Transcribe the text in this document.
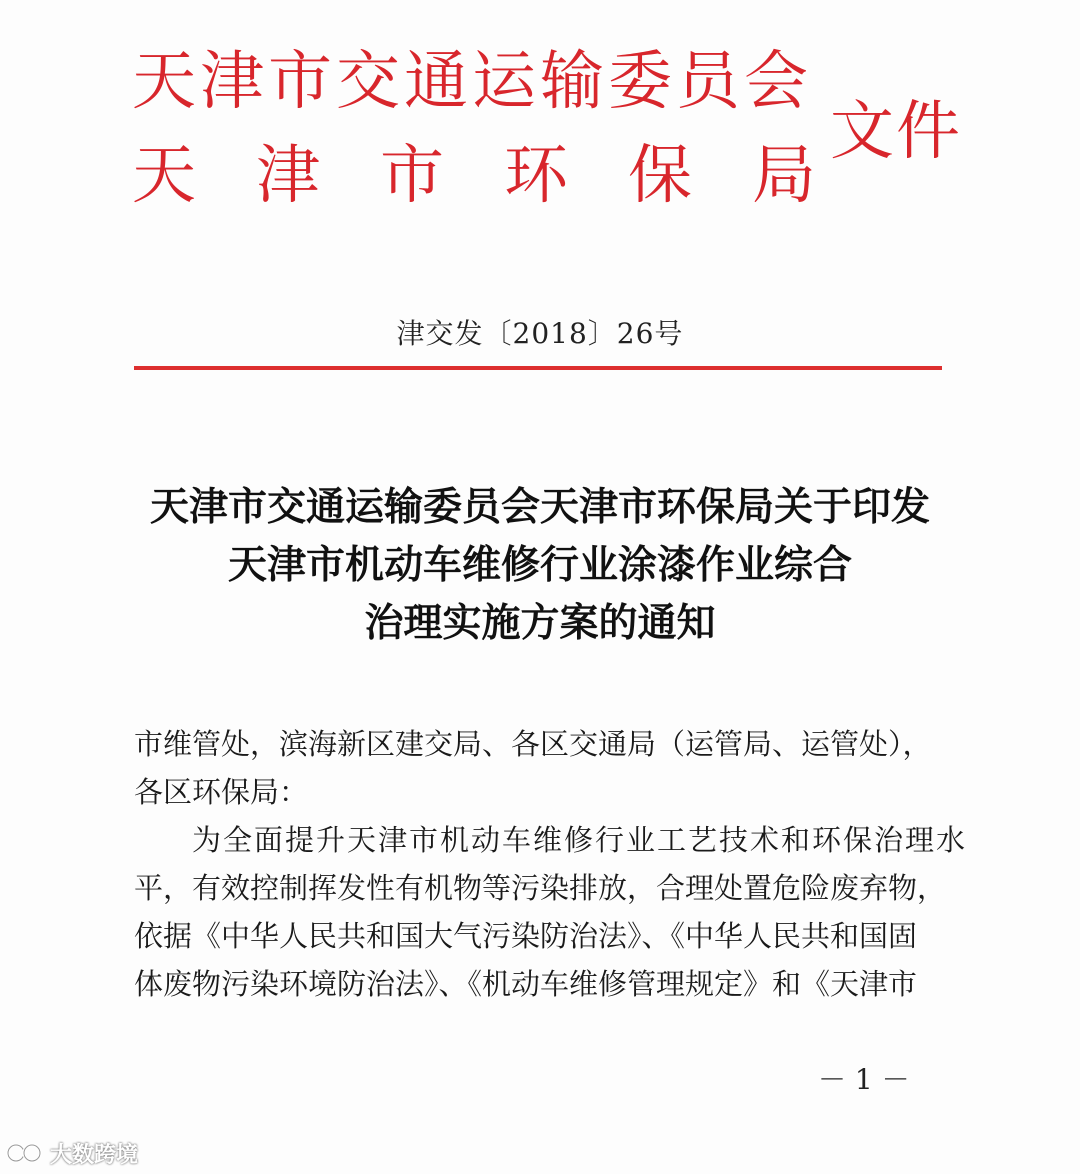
天津市交通运输委员会
天津市环保局
文件
津交发〔2018〕26号
天津市交通运输委员会天津市环保局关于印发
天津市机动车维修行业涂漆作业综合
治理实施方案的通知
市维管处，滨海新区建交局、各区交通局（运管局、运管处），
各区环保局：
为全面提升天津市机动车维修行业工艺技术和环保治理水
平，有效控制挥发性有机物等污染排放，合理处置危险废弃物，
依据《中华人民共和国大气污染防治法》、《中华人民共和国固
体废物污染环境防治法》、《机动车维修管理规定》和《天津市
－ 1 －
大数跨境
